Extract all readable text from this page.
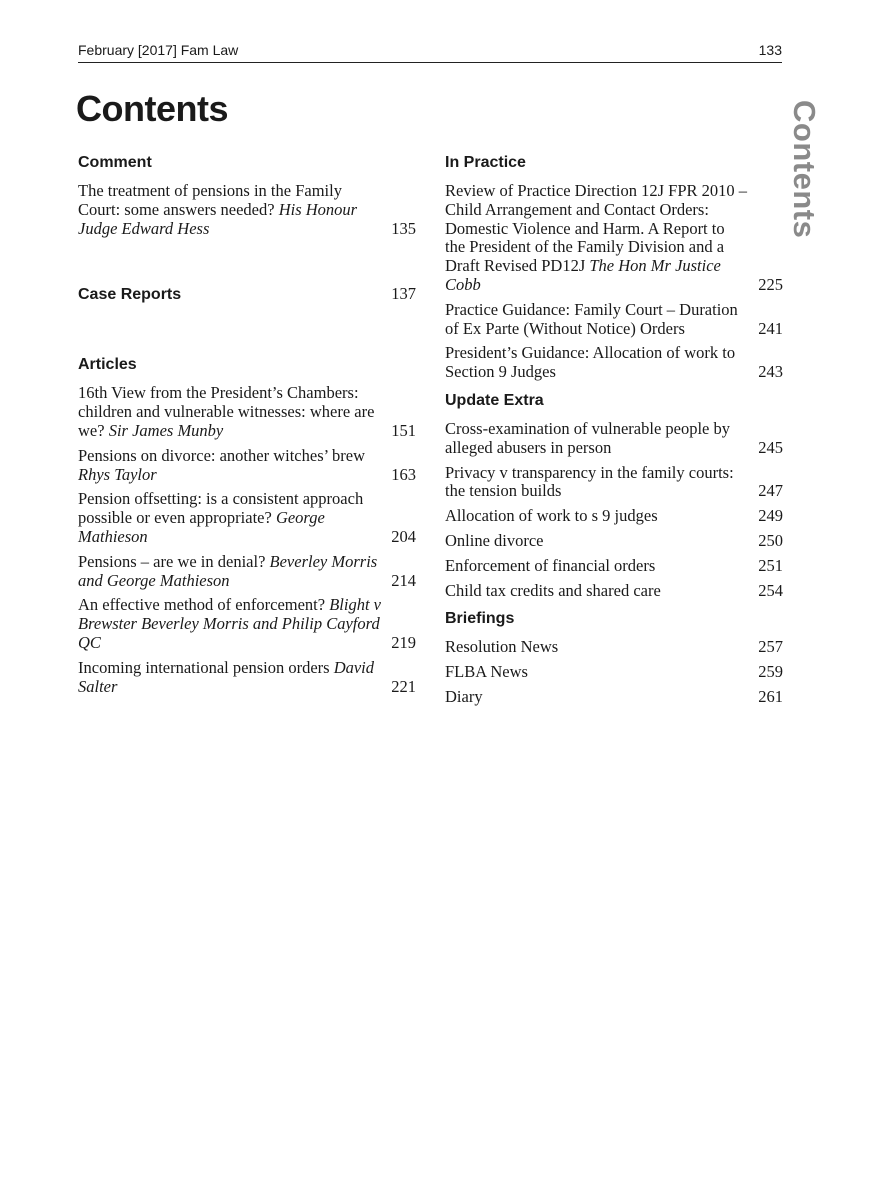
February [2017] Fam Law	133
Contents	Contents
Comment
The treatment of pensions in the Family Court: some answers needed? His Honour Judge Edward Hess	135
Case Reports	137
Articles
16th View from the President’s Chambers: children and vulnerable witnesses: where are we? Sir James Munby	151
Pensions on divorce: another witches’ brew Rhys Taylor	163
Pension offsetting: is a consistent approach possible or even appropriate? George Mathieson	204
Pensions – are we in denial? Beverley Morris and George Mathieson	214
An effective method of enforcement? Blight v Brewster Beverley Morris and Philip Cayford QC	219
Incoming international pension orders David Salter	221
In Practice
Review of Practice Direction 12J FPR 2010 – Child Arrangement and Contact Orders: Domestic Violence and Harm. A Report to the President of the Family Division and a Draft Revised PD12J The Hon Mr Justice Cobb	225
Practice Guidance: Family Court – Duration of Ex Parte (Without Notice) Orders	241
President’s Guidance: Allocation of work to Section 9 Judges	243
Update Extra
Cross-examination of vulnerable people by alleged abusers in person	245
Privacy v transparency in the family courts: the tension builds	247
Allocation of work to s 9 judges	249
Online divorce	250
Enforcement of financial orders	251
Child tax credits and shared care	254
Briefings
Resolution News	257
FLBA News	259
Diary	261
